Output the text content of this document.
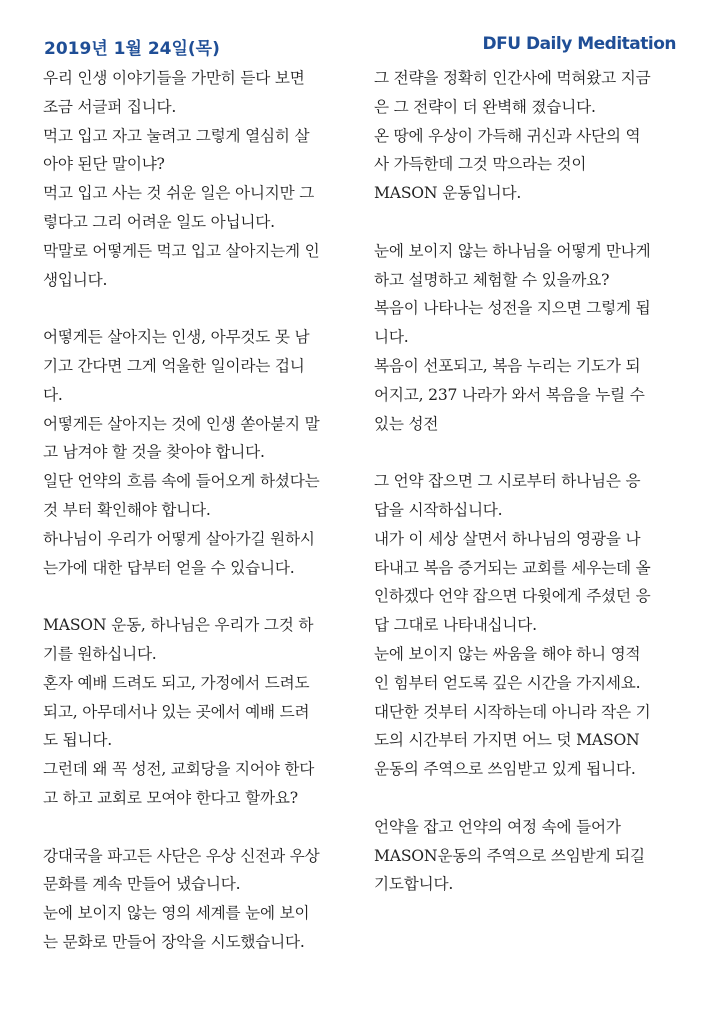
2019년 1월 24일(목)	DFU Daily Meditation
우리 인생 이야기들을 가만히 듣다 보면
조금 서글퍼 집니다.
먹고 입고 자고 눌려고 그렇게 열심히 살
아야 된단 말이냐?
먹고 입고 사는 것 쉬운 일은 아니지만 그
렇다고 그리 어려운 일도 아닙니다.
막말로 어떻게든 먹고 입고 살아지는게 인
생입니다.
어떻게든 살아지는 인생, 아무것도 못 남
기고 간다면 그게 억울한 일이라는 겁니
다.
어떻게든 살아지는 것에 인생 쏟아붇지 말
고 남겨야 할 것을 찾아야 합니다.
일단 언약의 흐름 속에 들어오게 하셨다는
것 부터 확인해야 합니다.
하나님이 우리가 어떻게 살아가길 원하시
는가에 대한 답부터 얻을 수 있습니다.
MASON 운동, 하나님은 우리가 그것 하
기를 원하십니다.
혼자 예배 드려도 되고, 가정에서 드려도
되고, 아무데서나 있는 곳에서 예배 드려
도 됩니다.
그런데 왜 꼭 성전, 교회당을 지어야 한다
고 하고 교회로 모여야 한다고 할까요?
강대국을 파고든 사단은 우상 신전과 우상
문화를 계속 만들어 냈습니다.
눈에 보이지 않는 영의 세계를 눈에 보이
는 문화로 만들어 장악을 시도했습니다.
그 전략을 정확히 인간사에 먹혀왔고 지금
은 그 전략이 더 완벽해 졌습니다.
온 땅에 우상이 가득해 귀신과 사단의 역
사 가득한데 그것 막으라는 것이
MASON 운동입니다.
눈에 보이지 않는 하나님을 어떻게 만나게
하고 설명하고 체험할 수 있을까요?
복음이 나타나는 성전을 지으면 그렇게 됩
니다.
복음이 선포되고, 복음 누리는 기도가 되
어지고, 237 나라가 와서 복음을 누릴 수
있는 성전
그 언약 잡으면 그 시로부터 하나님은 응
답을 시작하십니다.
내가 이 세상 살면서 하나님의 영광을 나
타내고 복음 증거되는 교회를 세우는데 올
인하겠다 언약 잡으면 다윗에게 주셨던 응
답 그대로 나타내십니다.
눈에 보이지 않는 싸움을 해야 하니 영적
인 힘부터 얻도록 깊은 시간을 가지세요.
대단한 것부터 시작하는데 아니라 작은 기
도의 시간부터 가지면 어느 덧 MASON
운동의 주역으로 쓰임받고 있게 됩니다.
언약을 잡고 언약의 여정 속에 들어가
MASON운동의 주역으로 쓰임받게 되길
기도합니다.
